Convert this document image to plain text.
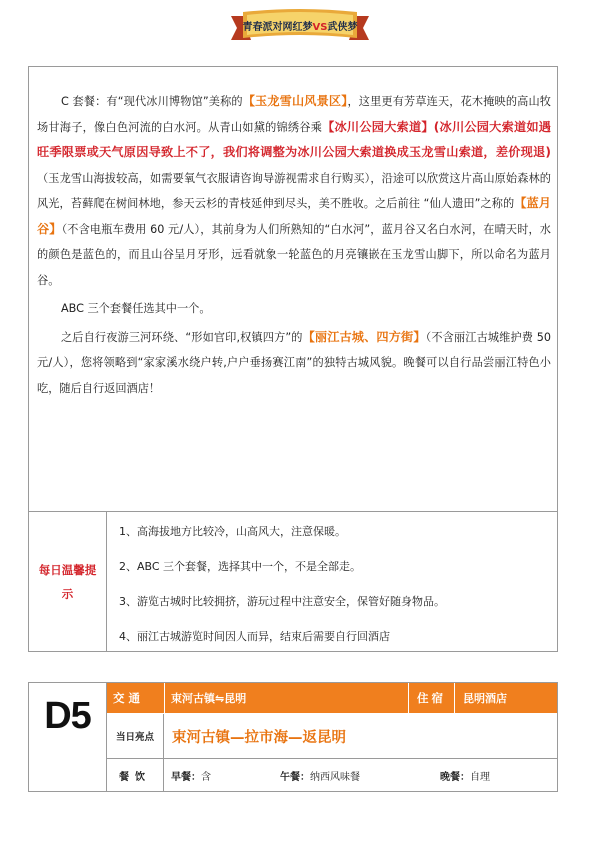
青春派对网红梦VS武侠梦

C 套餐：有“现代冰川博物馆”美称的【玉龙雪山风景区】，这里更有芳草连天，花木掩映的高山牧场甘海子，像白色河流的白水河。从青山如黛的锦绣谷乘【冰川公园大索道】(冰川公园大索道如遇旺季限票或天气原因导致上不了，我们将调整为冰川公园大索道换成玉龙雪山索道，差价现退)（玉龙雪山海拔较高，如需要氧气衣服请咨询导游视需求自行购买），沿途可以欣赏这片高山原始森林的风光，苔藓爬在树间林地，参天云杉的青枝延伸到尽头，美不胜收。之后前往 “仙人遗田”之称的【蓝月谷】（不含电瓶车费用 60 元/人），其前身为人们所熟知的“白水河”，蓝月谷又名白水河，在晴天时，水的颜色是蓝色的，而且山谷呈月牙形，远看就象一轮蓝色的月亮镶嵌在玉龙雪山脚下，所以命名为蓝月谷。

ABC 三个套餐任选其中一个。

之后自行夜游三河环绕、“形如官印,权镇四方”的【丽江古城、四方街】（不含丽江古城维护费 50 元/人），您将领略到“家家溪水绕户转,户户垂扬赛江南”的独特古城风貌。晚餐可以自行品尝丽江特色小吃，随后自行返回酒店！

每日温馨提示
1、高海拔地方比较冷，山高风大，注意保暖。
2、ABC 三个套餐，选择其中一个，不是全部走。
3、游览古城时比较拥挤，游玩过程中注意安全，保管好随身物品。
4、丽江古城游览时间因人而异，结束后需要自行回酒店
D5	交通	束河古镇⇋昆明	住宿	昆明酒店
当日亮点	束河古镇—拉市海—返昆明
餐饮	早餐： 含	午餐： 纳西风味餐	晚餐： 自理
